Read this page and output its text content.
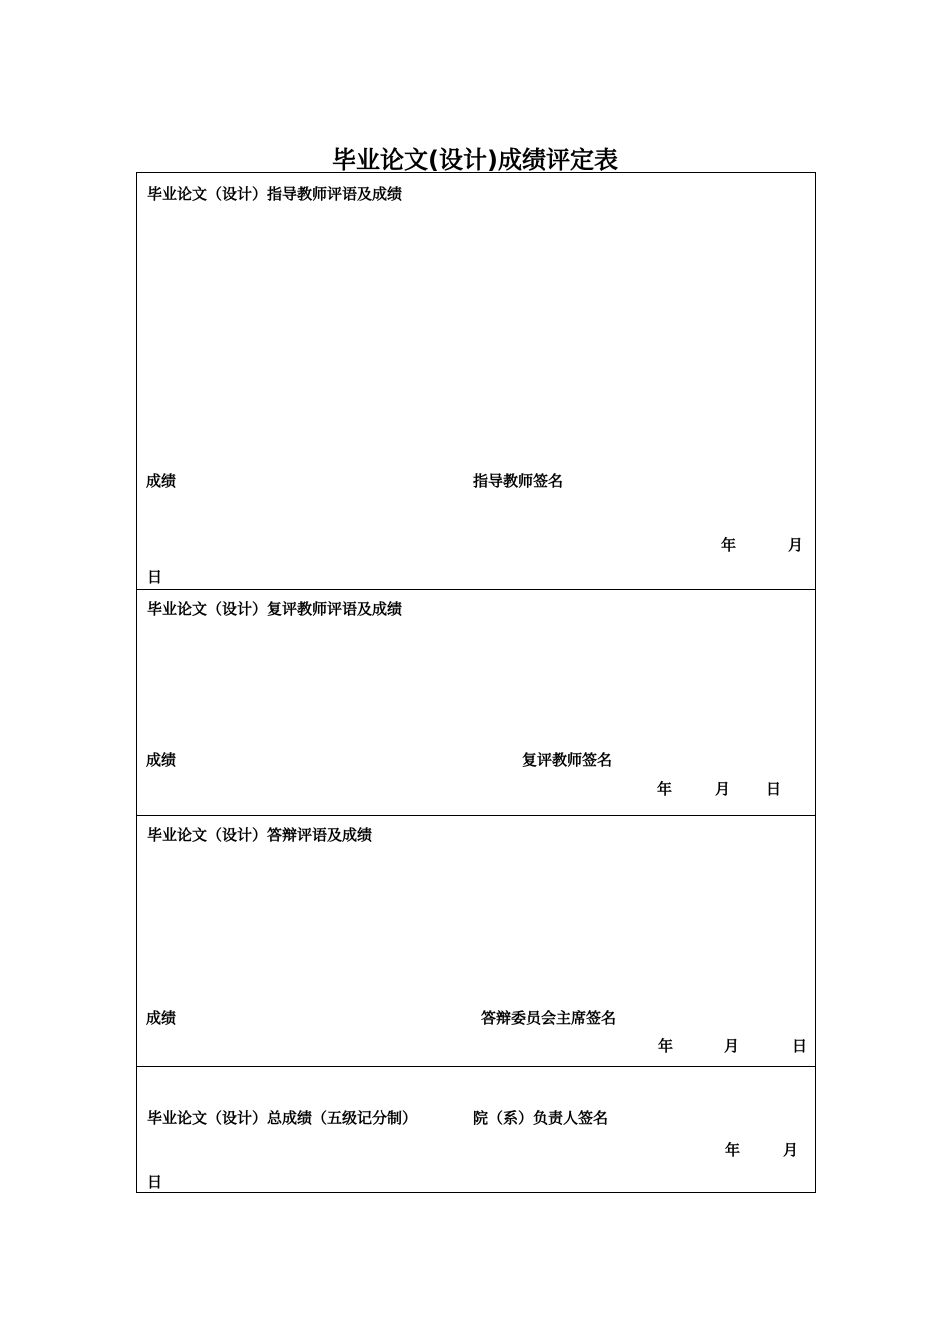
毕业论文(设计)成绩评定表
毕业论文（设计）指导教师评语及成绩
成绩	指导教师签名
年	月
日
毕业论文（设计）复评教师评语及成绩
成绩	复评教师签名
年	月 日
毕业论文（设计）答辩评语及成绩
成绩	答辩委员会主席签名
年	月	日
毕业论文（设计）总成绩（五级记分制）	院（系）负责人签名
年	月
日
